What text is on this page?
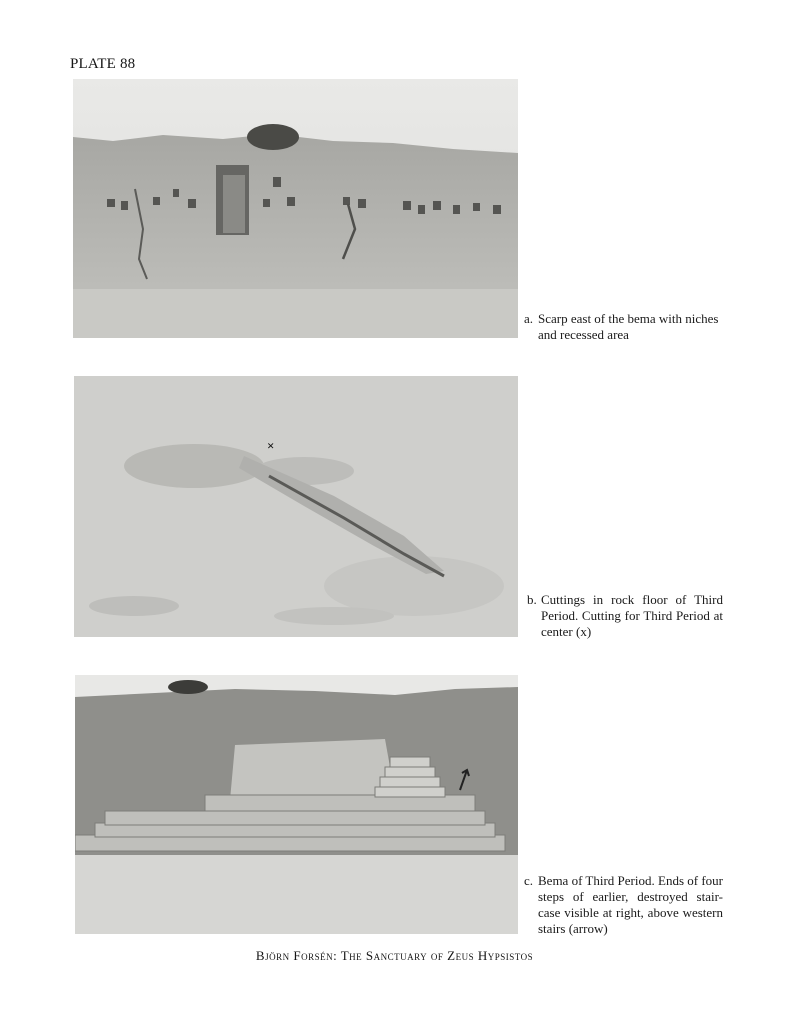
PLATE 88
a. Scarp east of the bema with niches and recessed area
×
b. Cuttings in rock floor of Third Period. Cutting for Third Period at center (x)
c. Bema of Third Period. Ends of four steps of earlier, destroyed stair-case visible at right, above western stairs (arrow)
Björn Forsén: The Sanctuary of Zeus Hypsistos
